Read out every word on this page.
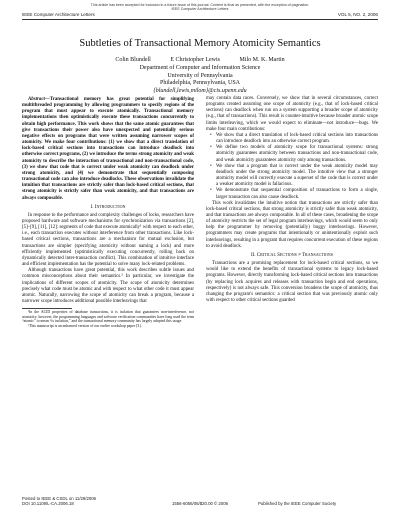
This article has been accepted for inclusion in a future issue of this journal. Content is final as presented, with the exception of pagination.
IEEE Computer Architecture Letters
IEEE Computer Architecture Letters	VOL 5, NO. 2, 2006
Subtleties of Transactional Memory Atomicity Semantics
Colin Blundell	E Christopher Lewis	Milo M. K. Martin
Department of Computer and Information Science
University of Pennsylvania
Philadelphia, Pennsylvania, USA
{blundell,lewis,milom}@cis.upenn.edu

Abstract—Transactional memory has great potential for simplifying multithreaded programming by allowing programmers to specify regions of the program that must appear to execute atomically. Transactional memory implementations then optimistically execute these transactions concurrently to obtain high performance. This work shows that the same atomic guarantees that give transactions their power also have unexpected and potentially serious negative effects on programs that were written assuming narrower scopes of atomicity. We make four contributions: (1) we show that a direct translation of lock-based critical sections into transactions can introduce deadlock into otherwise correct programs, (2) we introduce the terms strong atomicity and weak atomicity to describe the interaction of transactional and non-transactional code, (3) we show that code that is correct under weak atomicity can deadlock under strong atomicity, and (4) we demonstrate that sequentially composing transactional code can also introduce deadlocks. These observations invalidate the intuition that transactions are strictly safer than lock-based critical sections, that strong atomicity is strictly safer than weak atomicity, and that transactions are always composable.

I. Introduction

In response to the performance and complexity challenges of locks, researchers have proposed hardware and software mechanisms for synchronization via transactions [2], [5]–[9], [11], [12]: segments of code that execute atomically¹ with respect to each other, i.e., each transaction executes without interference from other transactions. Like lock-based critical sections, transactions are a mechanism for mutual exclusion, but transactions are simpler (specifying atomicity without naming a lock) and more efficiently implemented (optimistically executing concurrently, rolling back on dynamically detected inter-transaction conflict). This combination of intuitive interface and efficient implementation has the potential to solve many lock-related problems.

Although transactions have great potential, this work describes subtle issues and common misconceptions about their semantics.² In particular, we investigate the implications of different scopes of atomicity. The scope of atomicity determines precisely what code must be atomic and with respect to what other code it must appear atomic. Naturally, narrowing the scope of atomicity can break a program, because a narrower scope introduces additional possible interleavings that

¹In the ACID properties of database transactions, it is isolation that guarantees non-interference, not atomicity; however, the programming languages and software verification communities have long used the term “atomic” to mean “is isolation,” and the transactional memory community has largely adopted this usage.

²This manuscript is an enhanced version of our earlier workshop paper [3].

may contain data races. Conversely, we show that in several circumstances, correct programs created assuming one scope of atomicity (e.g., that of lock-based critical sections) can deadlock when run on a system supporting a broader scope of atomicity (e.g., that of transactions). This result is counter-intuitive because broader atomic scope limits interleaving, which we would expect to eliminate—not introduce—bugs. We make four main contributions:

• We show that a direct translation of lock-based critical sections into transactions can introduce deadlock into an otherwise correct program.
• We define two models of atomicity scope for transactional systems: strong atomicity guarantees atomicity between transactions and non-transactional code, and weak atomicity guarantees atomicity only among transactions.
• We show that a program that is correct under the weak atomicity model may deadlock under the strong atomicity model. The intuitive view that a stronger atomicity model will correctly execute a superset of the code that is correct under a weaker atomicity model is fallacious.
• We demonstrate that sequential composition of transactions to form a single, larger transaction can also cause deadlock.

This work invalidates the intuitive notion that transactions are strictly safer than lock-based critical sections, that strong atomicity is strictly safer than weak atomicity, and that transactions are always composable. In all of these cases, broadening the scope of atomicity restricts the set of legal program interleavings, which would seem to only help the programmer by removing (potentially) buggy interleavings. However, programmers may create programs that intentionally or unintentionally exploit such interleavings, resulting in a program that requires concurrent execution of these regions to avoid deadlock.

II. Critical Sections ≠ Transactions

Transactions are a promising replacement for lock-based critical sections, so we would like to extend the benefits of transactional systems to legacy lock-based programs. However, directly transforming lock-based critical sections into transactions (by replacing lock acquires and releases with transaction begin and end operations, respectively) is not always safe. This conversion broadens the scope of atomicity, thus changing the program's semantics: a critical section that was previously atomic only with respect to other critical sections guarded

Posted to IEEE & CSDL on 11/29/2006
DOI 10.1109/L-CA.2006.18	1556-6056/06/$20.00 © 2006	Published by the IEEE Computer Society
